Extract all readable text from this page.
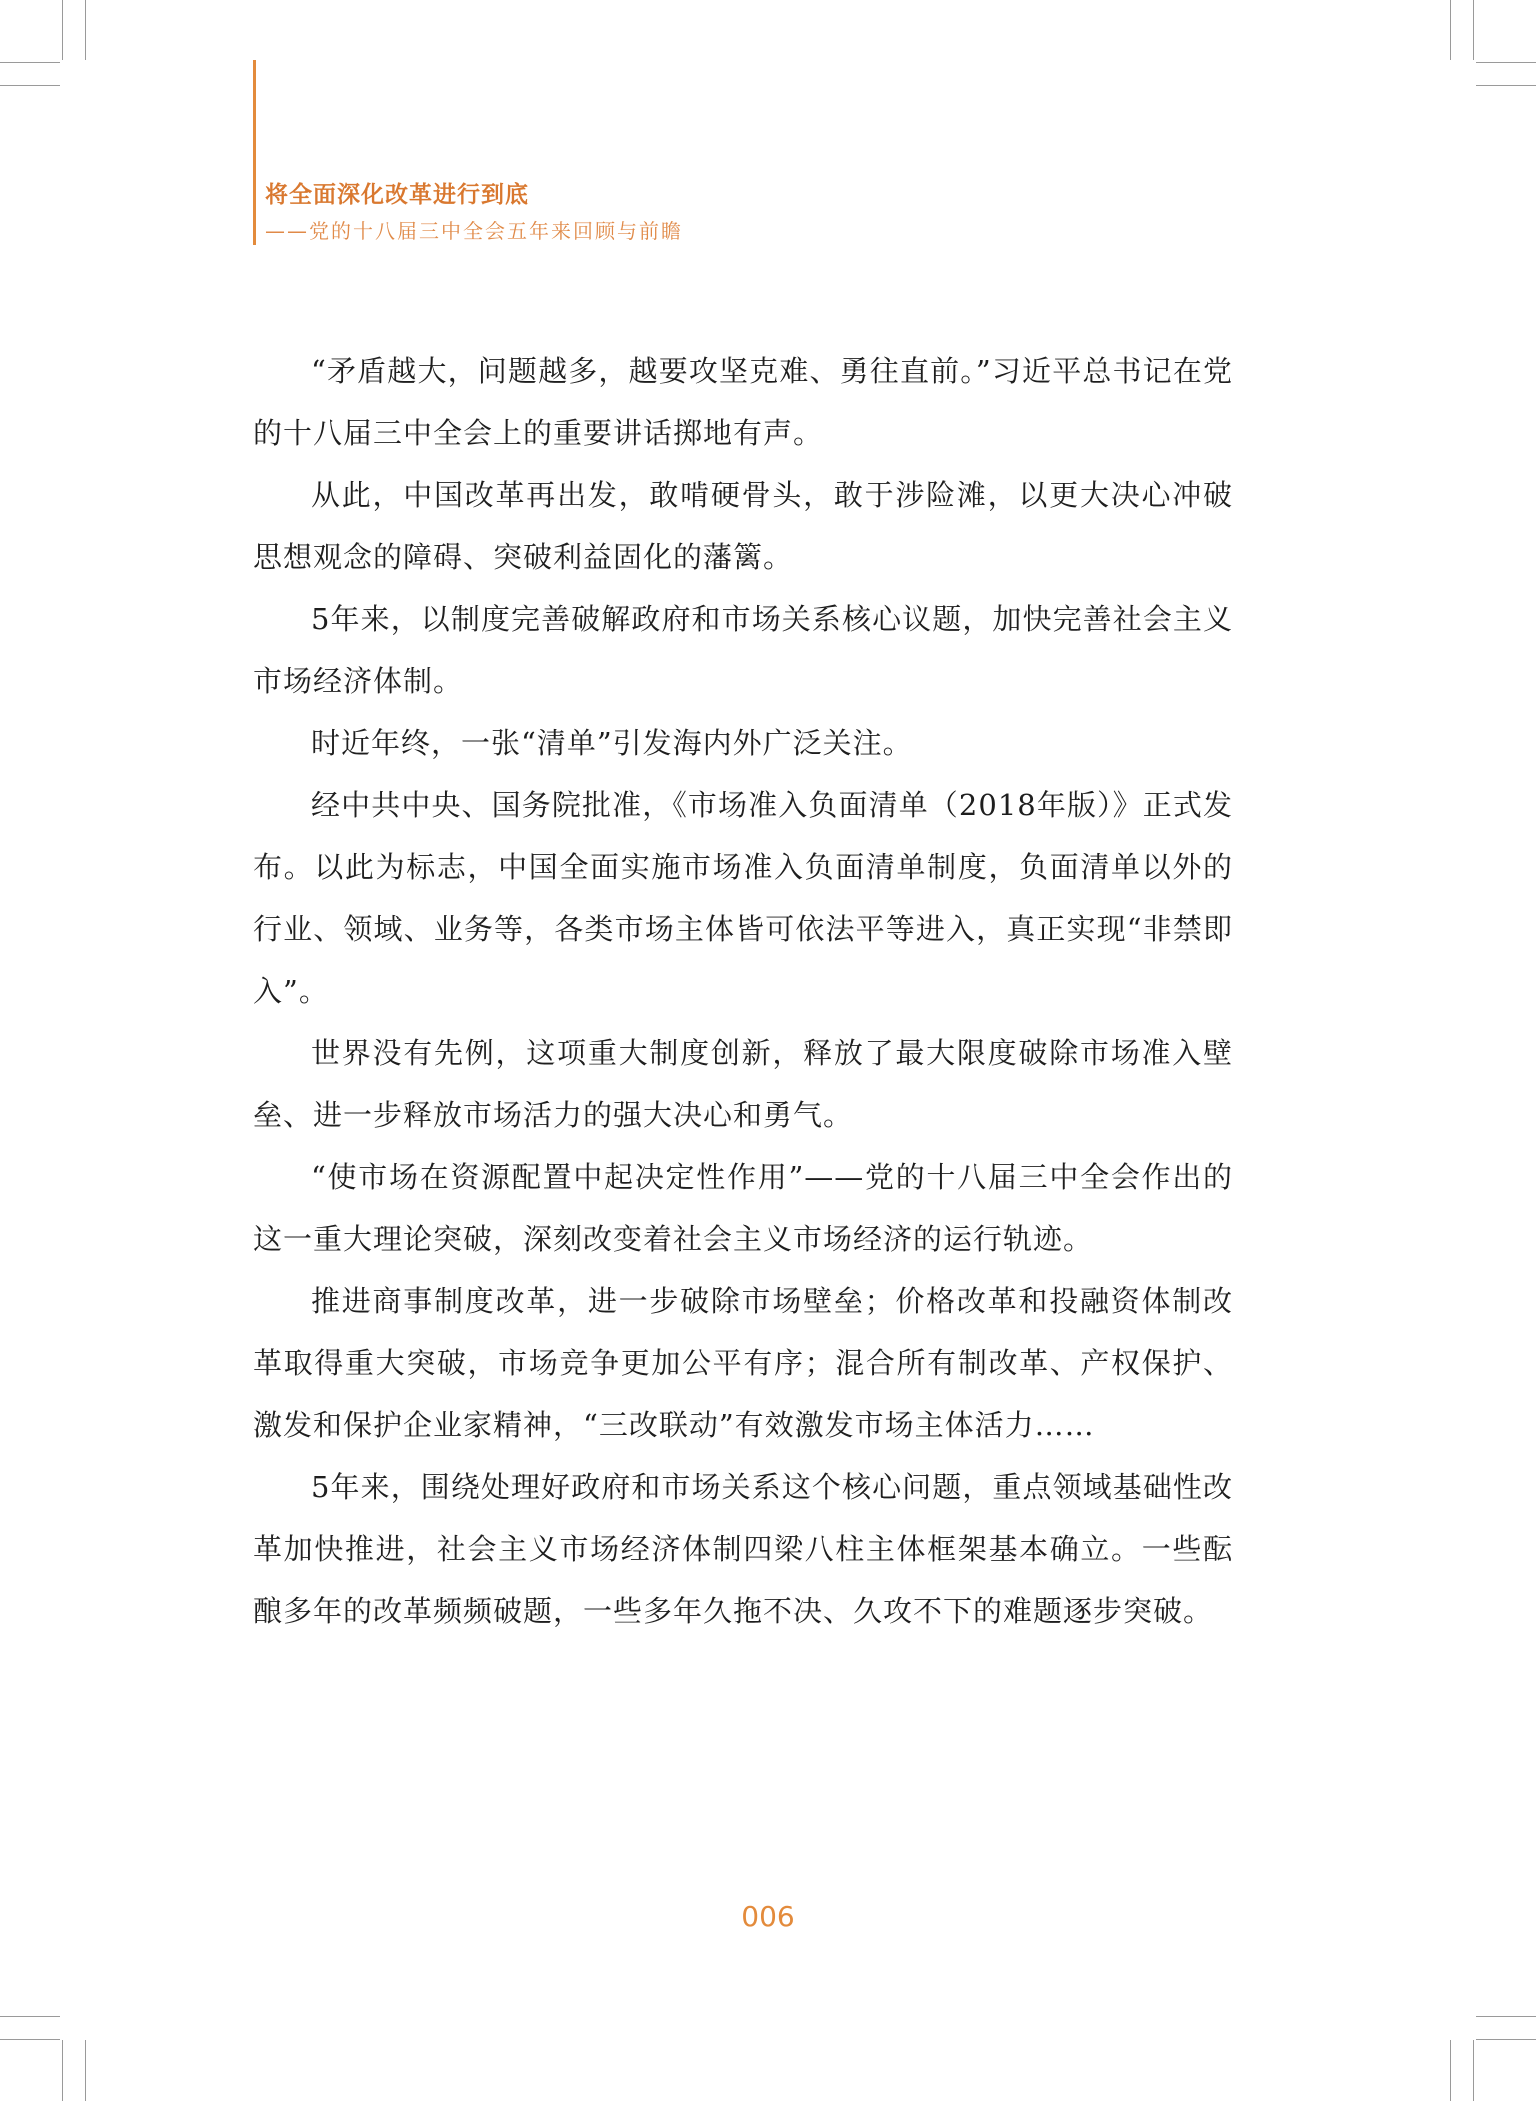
将全面深化改革进行到底
——党的十八届三中全会五年来回顾与前瞻

“矛盾越大，问题越多，越要攻坚克难、勇往直前。”习近平总书记在党的十八届三中全会上的重要讲话掷地有声。

从此，中国改革再出发，敢啃硬骨头，敢于涉险滩，以更大决心冲破思想观念的障碍、突破利益固化的藩篱。

5年来，以制度完善破解政府和市场关系核心议题，加快完善社会主义市场经济体制。

时近年终，一张“清单”引发海内外广泛关注。

经中共中央、国务院批准，《市场准入负面清单（2018年版）》正式发布。以此为标志，中国全面实施市场准入负面清单制度，负面清单以外的行业、领域、业务等，各类市场主体皆可依法平等进入，真正实现“非禁即入”。

世界没有先例，这项重大制度创新，释放了最大限度破除市场准入壁垒、进一步释放市场活力的强大决心和勇气。

“使市场在资源配置中起决定性作用”——党的十八届三中全会作出的这一重大理论突破，深刻改变着社会主义市场经济的运行轨迹。

推进商事制度改革，进一步破除市场壁垒；价格改革和投融资体制改革取得重大突破，市场竞争更加公平有序；混合所有制改革、产权保护、激发和保护企业家精神，“三改联动”有效激发市场主体活力……

5年来，围绕处理好政府和市场关系这个核心问题，重点领域基础性改革加快推进，社会主义市场经济体制四梁八柱主体框架基本确立。一些酝酿多年的改革频频破题，一些多年久拖不决、久攻不下的难题逐步突破。

006
